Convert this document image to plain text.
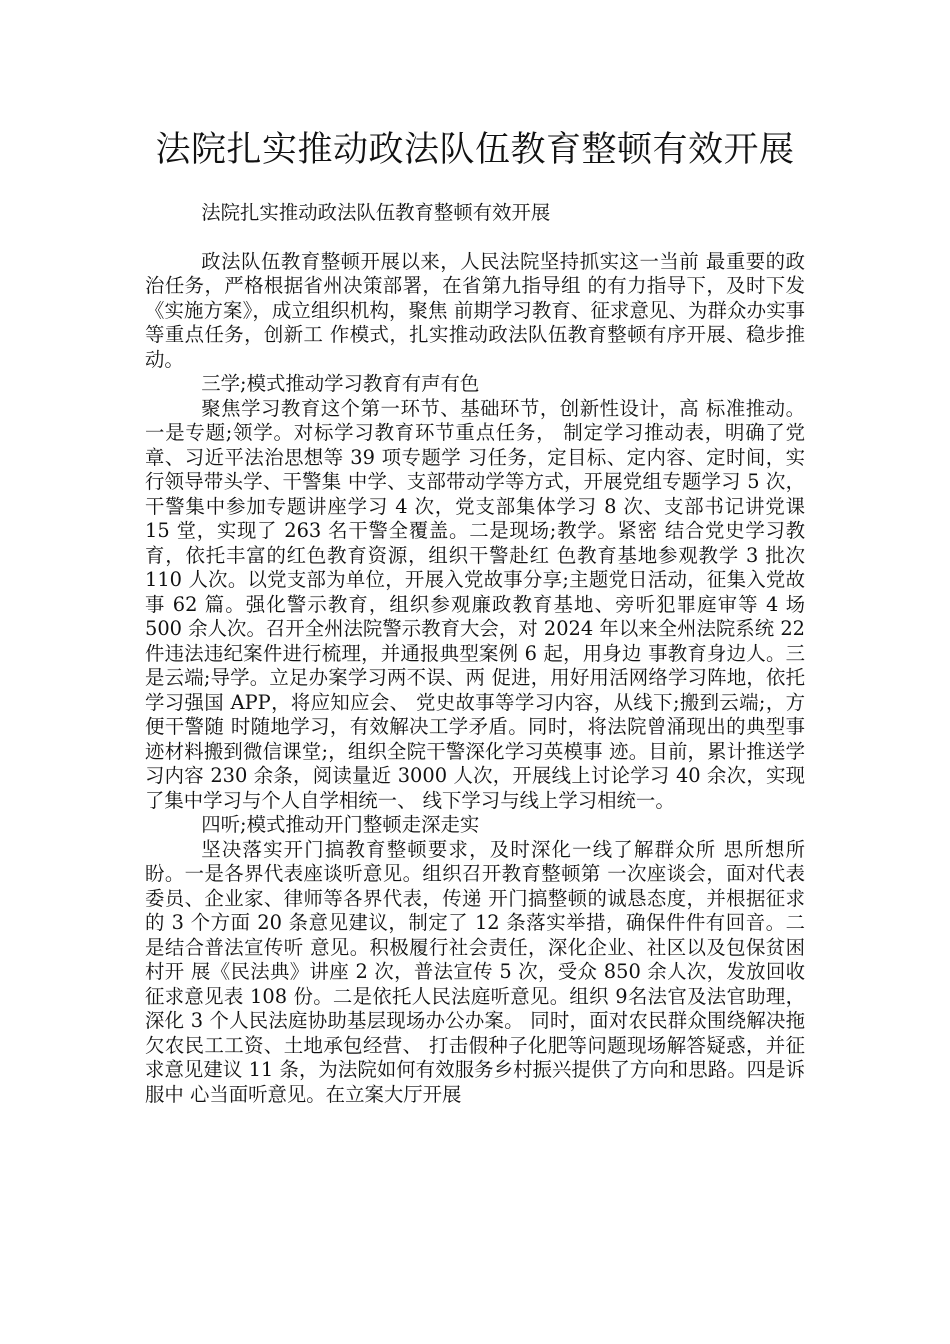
法院扎实推动政法队伍教育整顿有效开展

法院扎实推动政法队伍教育整顿有效开展

政法队伍教育整顿开展以来，人民法院坚持抓实这一当前 最重要的政治任务，严格根据省州决策部署，在省第九指导组 的有力指导下，及时下发《实施方案》，成立组织机构，聚焦 前期学习教育、征求意见、为群众办实事等重点任务，创新工 作模式，扎实推动政法队伍教育整顿有序开展、稳步推动。

三学;模式推动学习教育有声有色

聚焦学习教育这个第一环节、基础环节，创新性设计，高 标准推动。一是专题;领学。对标学习教育环节重点任务， 制定学习推动表，明确了党章、习近平法治思想等 39 项专题学 习任务，定目标、定内容、定时间，实行领导带头学、干警集 中学、支部带动学等方式，开展党组专题学习 5 次，干警集中参加专题讲座学习 4 次，党支部集体学习 8 次、支部书记讲党课 15 堂，实现了 263 名干警全覆盖。二是现场;教学。紧密 结合党史学习教育，依托丰富的红色教育资源，组织干警赴红 色教育基地参观教学 3 批次 110 人次。以党支部为单位，开展入党故事分享;主题党日活动，征集入党故事 62 篇。强化警示教育，组织参观廉政教育基地、旁听犯罪庭审等 4 场 500 余人次。召开全州法院警示教育大会，对 2024 年以来全州法院系统 22 件违法违纪案件进行梳理，并通报典型案例 6 起，用身边 事教育身边人。三是云端;导学。立足办案学习两不误、两 促进，用好用活网络学习阵地，依托学习强国 APP，将应知应会、 党史故事等学习内容，从线下;搬到云端;，方便干警随 时随地学习，有效解决工学矛盾。同时，将法院曾涌现出的典型事迹材料搬到微信课堂;，组织全院干警深化学习英模事 迹。目前，累计推送学习内容 230 余条，阅读量近 3000 人次，开展线上讨论学习 40 余次，实现了集中学习与个人自学相统一、 线下学习与线上学习相统一。

四听;模式推动开门整顿走深走实

坚决落实开门搞教育整顿要求，及时深化一线了解群众所 思所想所盼。一是各界代表座谈听意见。组织召开教育整顿第 一次座谈会，面对代表委员、企业家、律师等各界代表，传递 开门搞整顿的诚恳态度，并根据征求的 3 个方面 20 条意见建议，制定了 12 条落实举措，确保件件有回音。二是结合普法宣传听 意见。积极履行社会责任，深化企业、社区以及包保贫困村开 展《民法典》讲座 2 次，普法宣传 5 次，受众 850 余人次，发放回收征求意见表 108 份。二是依托人民法庭听意见。组织 9名法官及法官助理，深化 3 个人民法庭协助基层现场办公办案。 同时，面对农民群众围绕解决拖欠农民工工资、土地承包经营、 打击假种子化肥等问题现场解答疑惑，并征求意见建议 11 条，为法院如何有效服务乡村振兴提供了方向和思路。四是诉服中 心当面听意见。在立案大厅开展
